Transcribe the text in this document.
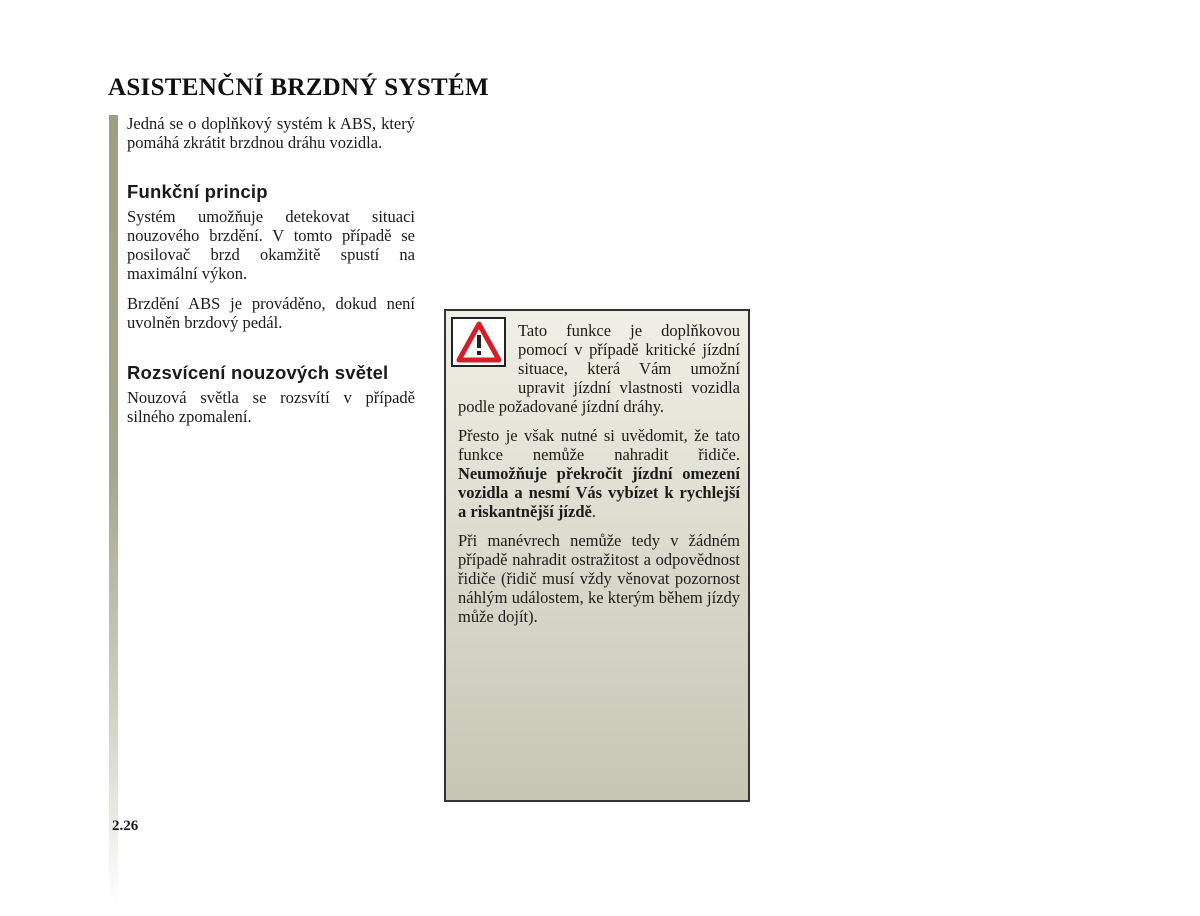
ASISTENČNÍ BRZDNÝ SYSTÉM

Jedná se o doplňkový systém k ABS, který pomáhá zkrátit brzdnou dráhu vozidla.

Funkční princip

Systém umožňuje detekovat situaci nouzového brzdění. V tomto případě se posilovač brzd okamžitě spustí na maximální výkon.

Brzdění ABS je prováděno, dokud není uvolněn brzdový pedál.

Rozsvícení nouzových světel

Nouzová světla se rozsvítí v případě silného zpomalení.

Tato funkce je doplňkovou pomocí v případě kritické jízdní situace, která Vám umožní upravit jízdní vlastnosti vozidla podle požadované jízdní dráhy.

Přesto je však nutné si uvědomit, že tato funkce nemůže nahradit řidiče. Neumožňuje překročit jízdní omezení vozidla a nesmí Vás vybízet k rychlejší a riskantnější jízdě.

Při manévrech nemůže tedy v žádném případě nahradit ostražitost a odpovědnost řidiče (řidič musí vždy věnovat pozornost náhlým událostem, ke kterým během jízdy může dojít).

2.26
